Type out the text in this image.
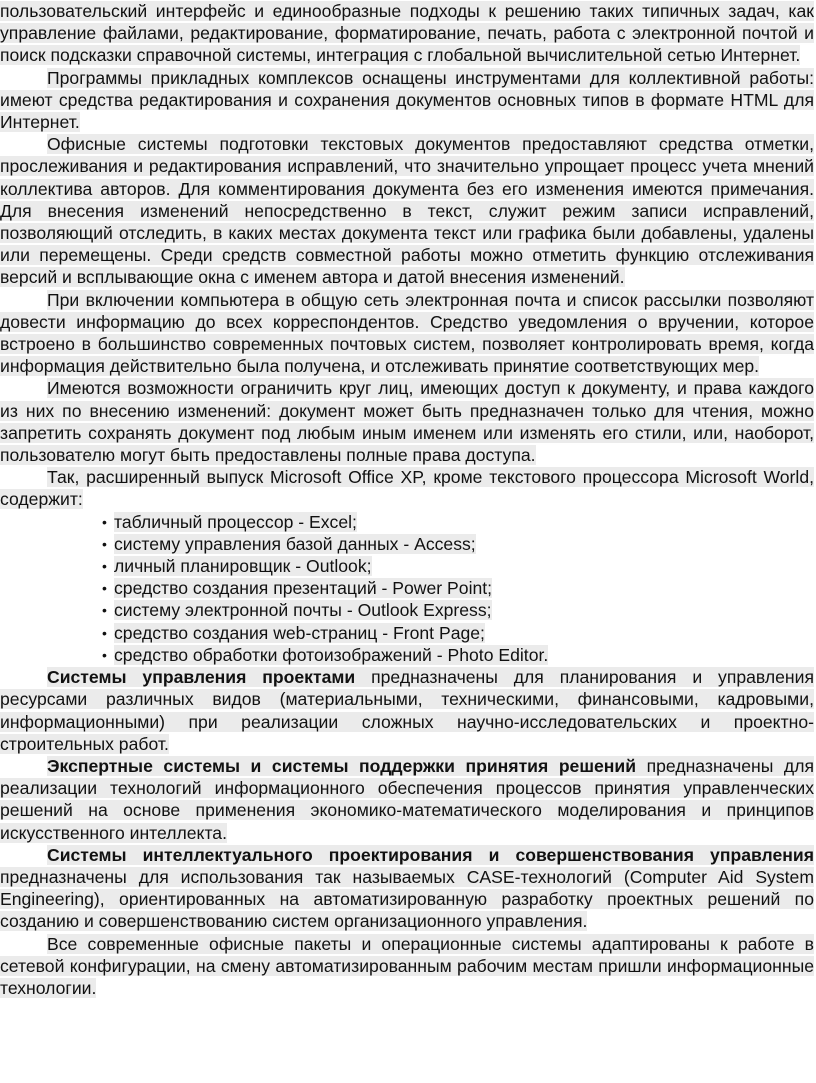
пользовательский интерфейс и единообразные подходы к решению таких типичных задач, как управление файлами, редактирование, форматирование, печать, работа с электронной почтой и поиск подсказки справочной системы, интеграция с глобальной вычислительной сетью Интернет.

Программы прикладных комплексов оснащены инструментами для коллективной работы: имеют средства редактирования и сохранения документов основных типов в формате HTML для Интернет.

Офисные системы подготовки текстовых документов предоставляют средства отметки, прослеживания и редактирования исправлений, что значительно упрощает процесс учета мнений коллектива авторов. Для комментирования документа без его изменения имеются примечания. Для внесения изменений непосредственно в текст, служит режим записи исправлений, позволяющий отследить, в каких местах документа текст или графика были добавлены, удалены или перемещены. Среди средств совместной работы можно отметить функцию отслеживания версий и всплывающие окна с именем автора и датой внесения изменений.

При включении компьютера в общую сеть электронная почта и список рассылки позволяют довести информацию до всех корреспондентов. Средство уведомления о вручении, которое встроено в большинство современных почтовых систем, позволяет контролировать время, когда информация действительно была получена, и отслеживать принятие соответствующих мер.

Имеются возможности ограничить круг лиц, имеющих доступ к документу, и права каждого из них по внесению изменений: документ может быть предназначен только для чтения, можно запретить сохранять документ под любым иным именем или изменять его стили, или, наоборот, пользователю могут быть предоставлены полные права доступа.

Так, расширенный выпуск Microsoft Office XP, кроме текстового процессора Microsoft World, содержит:

• табличный процессор - Excel;
• систему управления базой данных - Access;
• личный планировщик - Outlook;
• средство создания презентаций - Power Point;
• систему электронной почты - Outlook Express;
• средство создания web-страниц - Front Page;
• средство обработки фотоизображений - Photo Editor.

Системы управления проектами предназначены для планирования и управления ресурсами различных видов (материальными, техническими, финансовыми, кадровыми, информационными) при реализации сложных научно-исследовательских и проектно-строительных работ.

Экспертные системы и системы поддержки принятия решений предназначены для реализации технологий информационного обеспечения процессов принятия управленческих решений на основе применения экономико-математического моделирования и принципов искусственного интеллекта.

Системы интеллектуального проектирования и совершенствования управления предназначены для использования так называемых CASE-технологий (Computer Aid System Engineering), ориентированных на автоматизированную разработку проектных решений по созданию и совершенствованию систем организационного управления.

Все современные офисные пакеты и операционные системы адаптированы к работе в сетевой конфигурации, на смену автоматизированным рабочим местам пришли информационные технологии.
